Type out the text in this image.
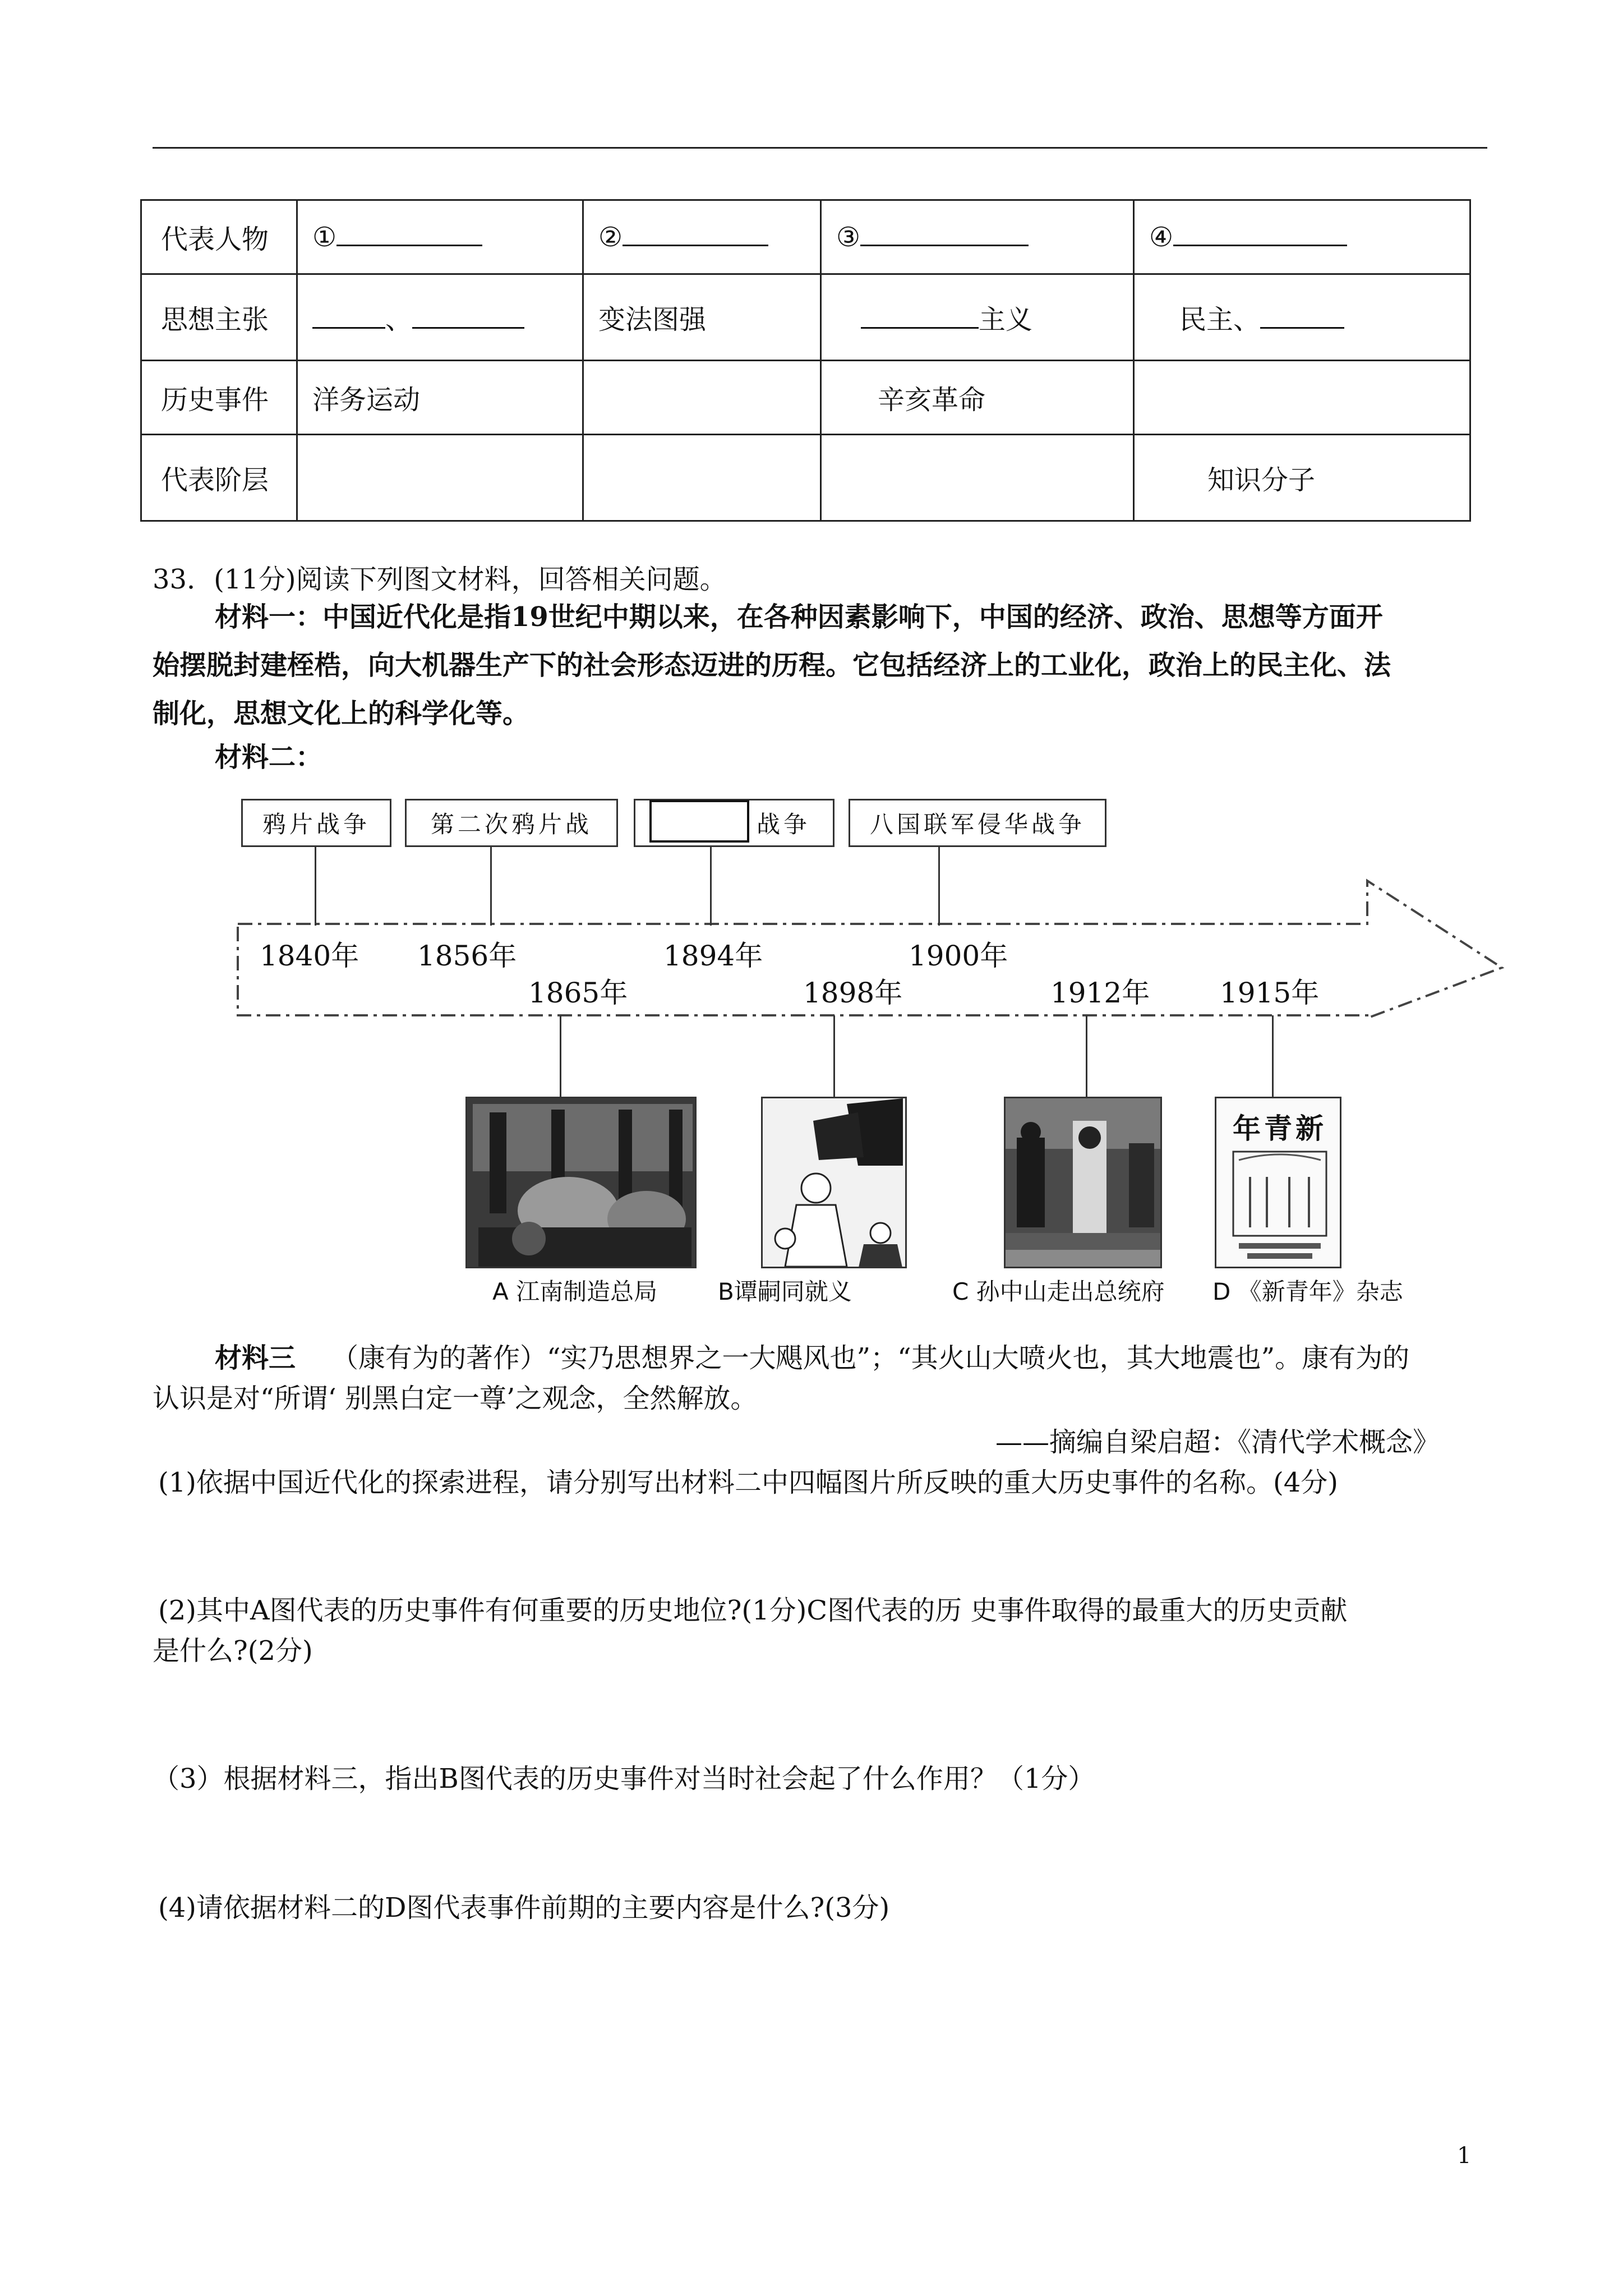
代表人物	①	②	③	④
思想主张	、	变法图强	主义	民主、
历史事件	洋务运动		辛亥革命	
代表阶层				知识分子
33．(11分)阅读下列图文材料，回答相关问题。
材料一：中国近代化是指19世纪中期以来，在各种因素影响下，中国的经济、政治、思想等方面开
始摆脱封建桎梏，向大机器生产下的社会形态迈进的历程。它包括经济上的工业化，政治上的民主化、法
制化，思想文化上的科学化等。
材料二：
鸦片战争	第二次鸦片战	战争	八国联军侵华战争
1840年 1856年	1894年	1900年
1865年	1898年	1912年 1915年
年青新
A 江南制造总局	B谭嗣同就义	C 孙中山走出总统府 D 《新青年》杂志
材料三 （康有为的著作）“实乃思想界之一大飓风也”；“其火山大喷火也，其大地震也”。康有为的
认识是对“所谓‘ 别黑白定一尊’之观念，全然解放。
——摘编自梁启超：《清代学术概念》
(1)依据中国近代化的探索进程，请分别写出材料二中四幅图片所反映的重大历史事件的名称。(4分)
(2)其中A图代表的历史事件有何重要的历史地位?(1分)C图代表的历 史事件取得的最重大的历史贡献
是什么?(2分)
（3）根据材料三，指出B图代表的历史事件对当时社会起了什么作用？（1分）
(4)请依据材料二的D图代表事件前期的主要内容是什么?(3分)
1
